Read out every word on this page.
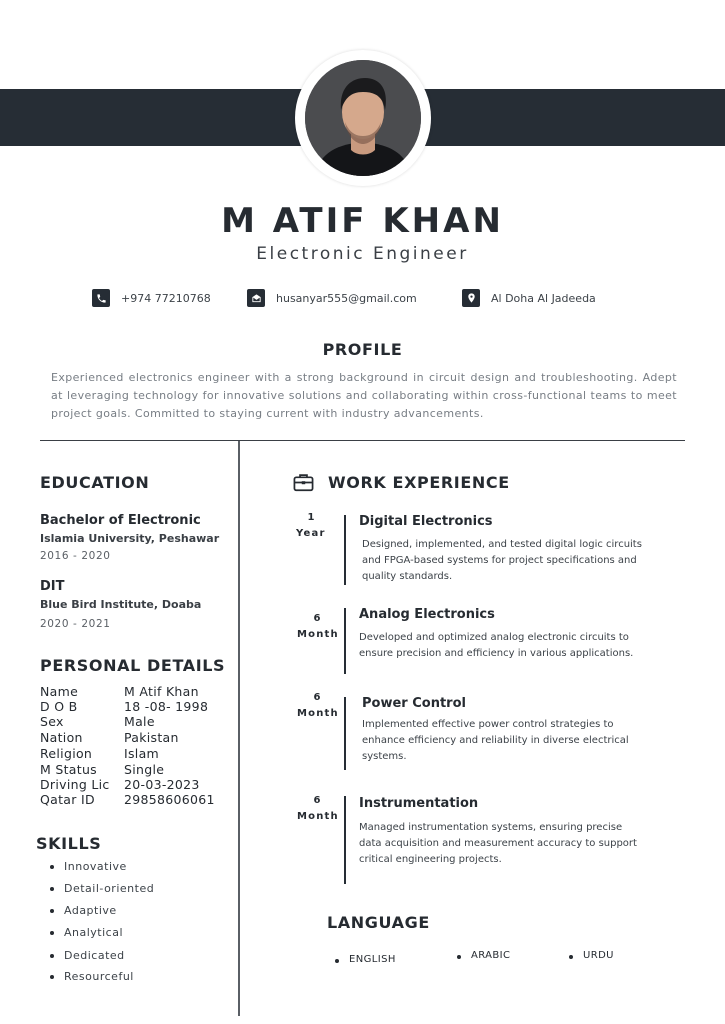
M ATIF KHAN
Electronic Engineer
+974 77210768	husanyar555@gmail.com	Al Doha Al Jadeeda
PROFILE
Experienced electronics engineer with a strong background in circuit design and troubleshooting. Adept at leveraging technology for innovative solutions and collaborating within cross-functional teams to meet project goals. Committed to staying current with industry advancements.
EDUCATION
Bachelor of Electronic
Islamia University, Peshawar
2016 - 2020
DIT
Blue Bird Institute, Doaba
2020 - 2021
PERSONAL DETAILS
Name	M Atif Khan
D O B	18 -08- 1998
Sex	Male
Nation	Pakistan
Religion	Islam
M Status Single
Driving Lic 20-03-2023
Qatar ID 29858606061
SKILLS
Innovative
Detail-oriented
Adaptive
Analytical
Dedicated
Resourceful
WORK EXPERIENCE
1
Year
Digital Electronics
Designed, implemented, and tested digital logic circuits
and FPGA-based systems for project specifications and
quality standards.
6
Month
Analog Electronics
Developed and optimized analog electronic circuits to
ensure precision and efficiency in various applications.
6
Month
Power Control
Implemented effective power control strategies to
enhance efficiency and reliability in diverse electrical
systems.
6
Month
Instrumentation
Managed instrumentation systems, ensuring precise
data acquisition and measurement accuracy to support
critical engineering projects.
LANGUAGE
ENGLISH	ARABIC	URDU
